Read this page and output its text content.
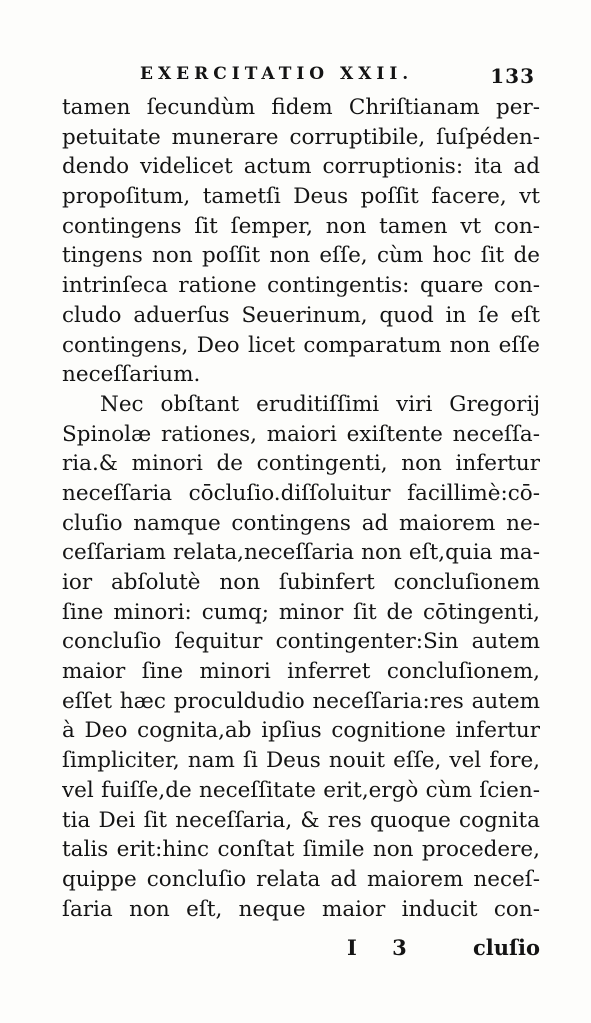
EXERCITATIO XXII.	133
tamen ſecundùm fidem Chriſtianam per-
petuitate munerare corruptibile, ſuſpéden-
dendo videlicet actum corruptionis: ita ad
propoſitum, tametſi Deus poſſit facere, vt
contingens ſit ſemper, non tamen vt con-
tingens non poſſit non eſſe, cùm hoc ſit de
intrinſeca ratione contingentis: quare con-
cludo aduerſus Seuerinum, quod in ſe eſt
contingens, Deo licet comparatum non eſſe
neceſſarium.
Nec obſtant eruditiſſimi viri Gregorij
Spinolæ rationes, maiori exiſtente neceſſa-
ria.& minori de contingenti, non infertur
neceſſaria cōcluſio.diſſoluitur facillimè:cō-
cluſio namque contingens ad maiorem ne-
ceſſariam relata,neceſſaria non eſt,quia ma-
ior abſolutè non ſubinfert concluſionem
ſine minori: cumq; minor ſit de cōtingenti,
concluſio ſequitur contingenter:Sin autem
maior ſine minori inferret concluſionem,
eſſet hæc proculdudio neceſſaria:res autem
à Deo cognita,ab ipſius cognitione infertur
ſimpliciter, nam ſi Deus nouit eſſe, vel fore,
vel fuiſſe,de neceſſitate erit,ergò cùm ſcien-
tia Dei ſit neceſſaria, & res quoque cognita
talis erit:hinc conſtat ſimile non procedere,
quippe concluſio relata ad maiorem neceſ-
ſaria non eſt, neque maior inducit con-
I 3 cluſio
